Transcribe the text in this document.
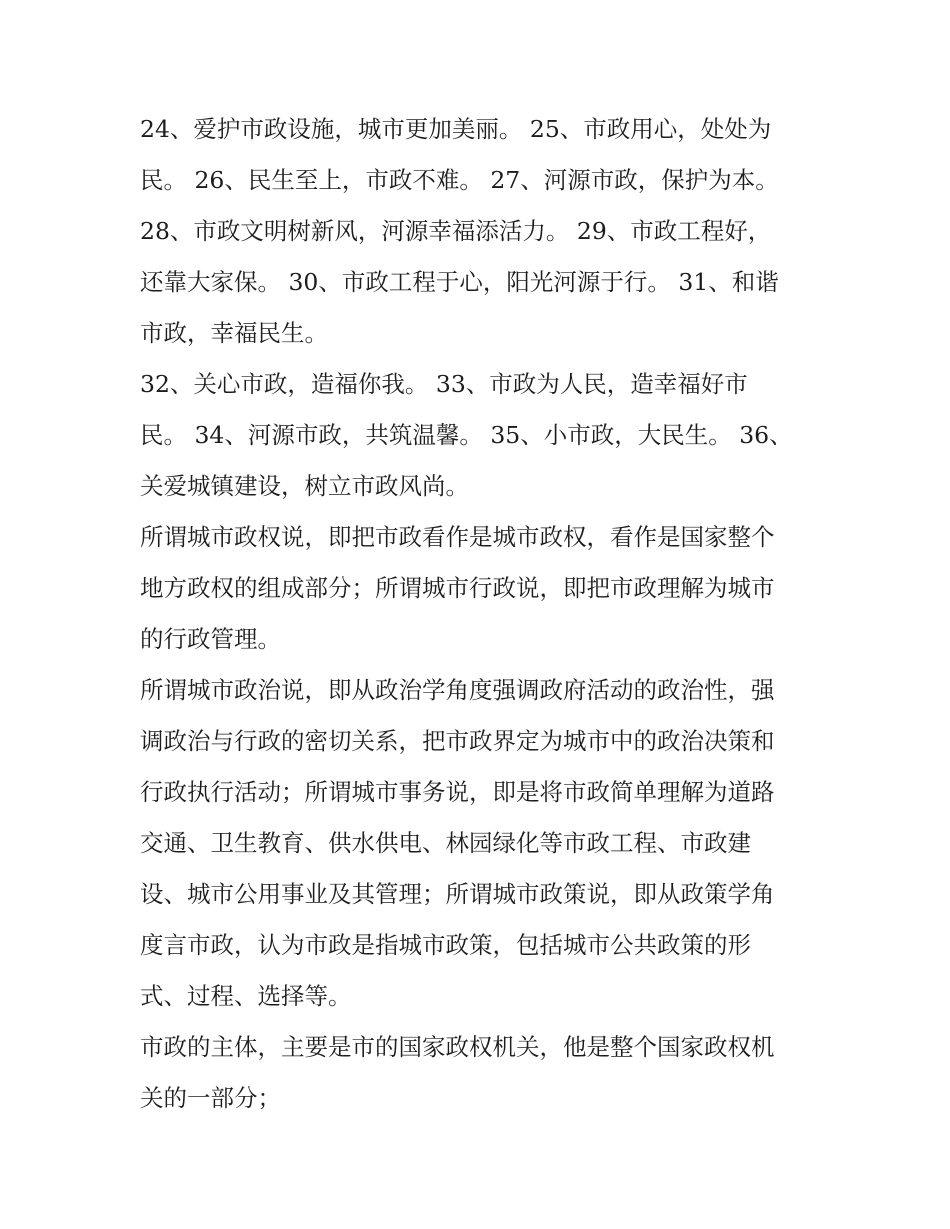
24、爱护市政设施，城市更加美丽。 25、市政用心，处处为
民。 26、民生至上，市政不难。 27、河源市政，保护为本。
28、市政文明树新风，河源幸福添活力。 29、市政工程好，
还靠大家保。 30、市政工程于心，阳光河源于行。 31、和谐
市政，幸福民生。
32、关心市政，造福你我。 33、市政为人民，造幸福好市
民。 34、河源市政，共筑温馨。 35、小市政，大民生。 36、
关爱城镇建设，树立市政风尚。
所谓城市政权说，即把市政看作是城市政权，看作是国家整个
地方政权的组成部分；所谓城市行政说，即把市政理解为城市
的行政管理。
所谓城市政治说，即从政治学角度强调政府活动的政治性，强
调政治与行政的密切关系，把市政界定为城市中的政治决策和
行政执行活动；所谓城市事务说，即是将市政简单理解为道路
交通、卫生教育、供水供电、林园绿化等市政工程、市政建
设、城市公用事业及其管理；所谓城市政策说，即从政策学角
度言市政，认为市政是指城市政策，包括城市公共政策的形
式、过程、选择等。
市政的主体，主要是市的国家政权机关，他是整个国家政权机
关的一部分；
